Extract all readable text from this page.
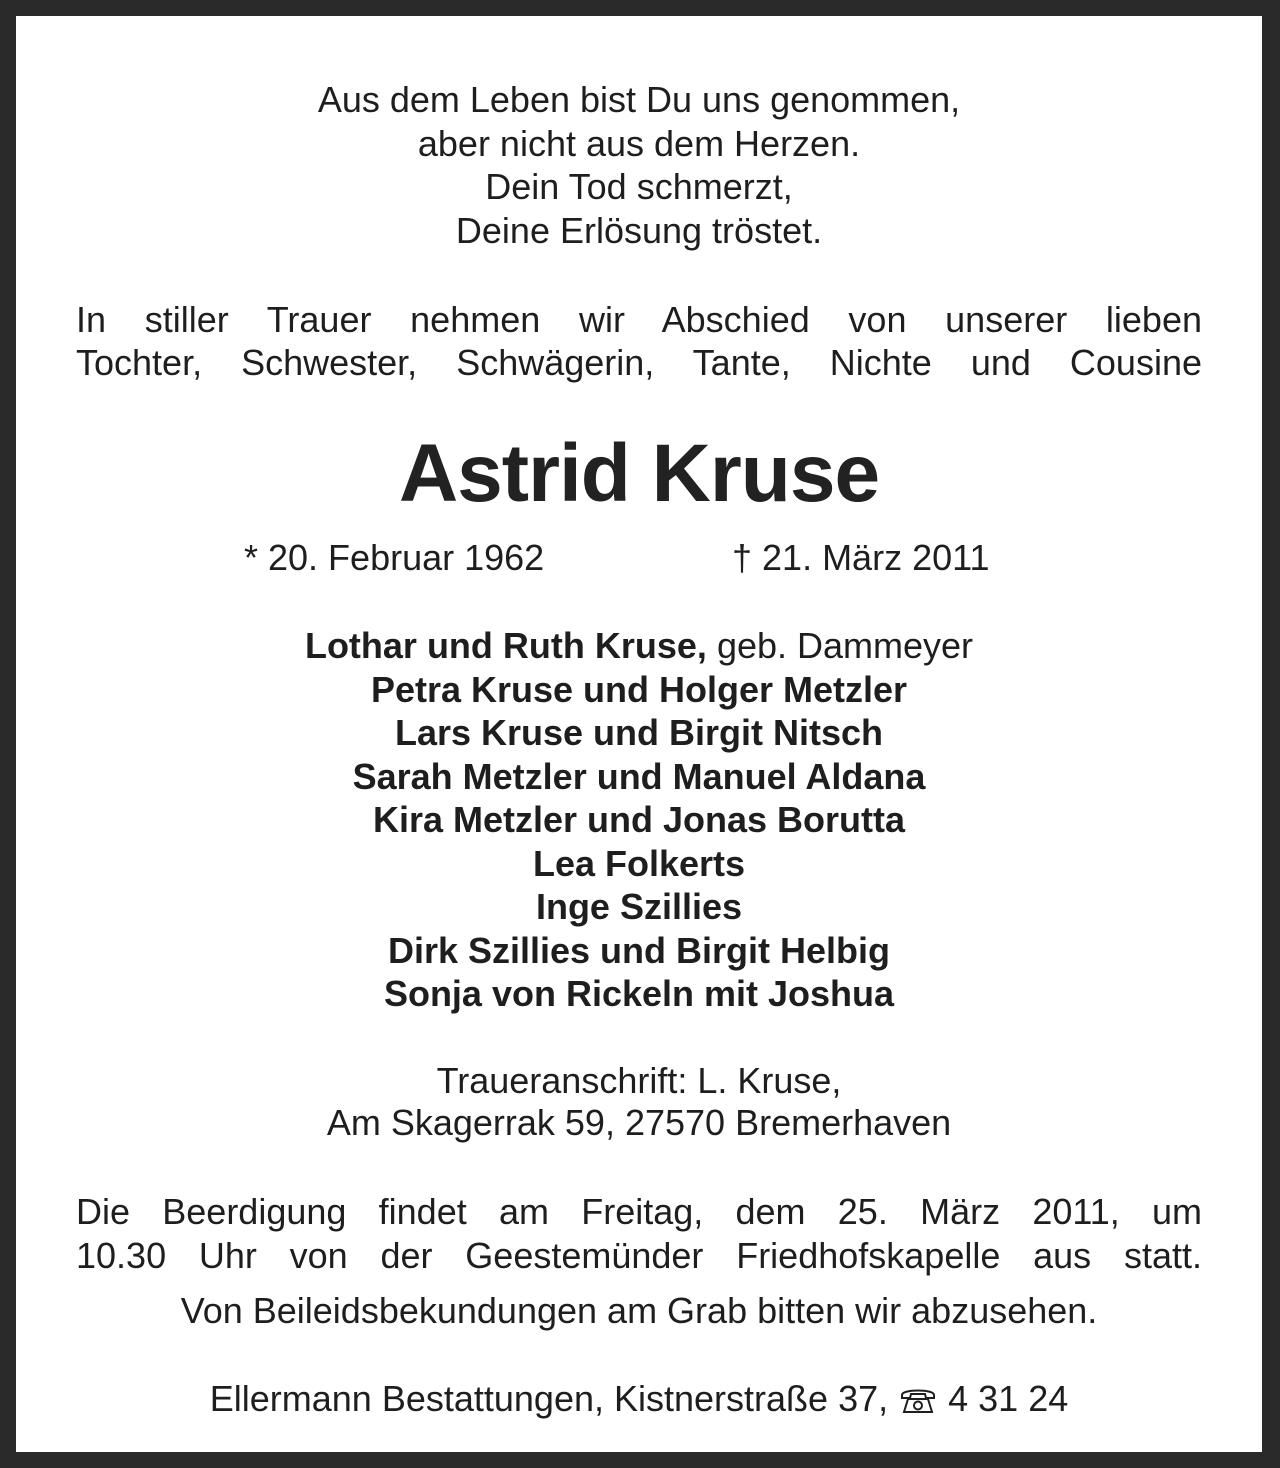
Aus dem Leben bist Du uns genommen,
aber nicht aus dem Herzen.
Dein Tod schmerzt,
Deine Erlösung tröstet.
In stiller Trauer nehmen wir Abschied von unserer lieben
Tochter, Schwester, Schwägerin, Tante, Nichte und Cousine
Astrid Kruse
* 20. Februar 1962	† 21. März 2011
Lothar und Ruth Kruse, geb. Dammeyer
Petra Kruse und Holger Metzler
Lars Kruse und Birgit Nitsch
Sarah Metzler und Manuel Aldana
Kira Metzler und Jonas Borutta
Lea Folkerts
Inge Szillies
Dirk Szillies und Birgit Helbig
Sonja von Rickeln mit Joshua
Traueranschrift: L. Kruse,
Am Skagerrak 59, 27570 Bremerhaven
Die Beerdigung findet am Freitag, dem 25. März 2011, um
10.30 Uhr von der Geestemünder Friedhofskapelle aus statt.
Von Beileidsbekundungen am Grab bitten wir abzusehen.
Ellermann Bestattungen, Kistnerstraße 37, 4 31 24
